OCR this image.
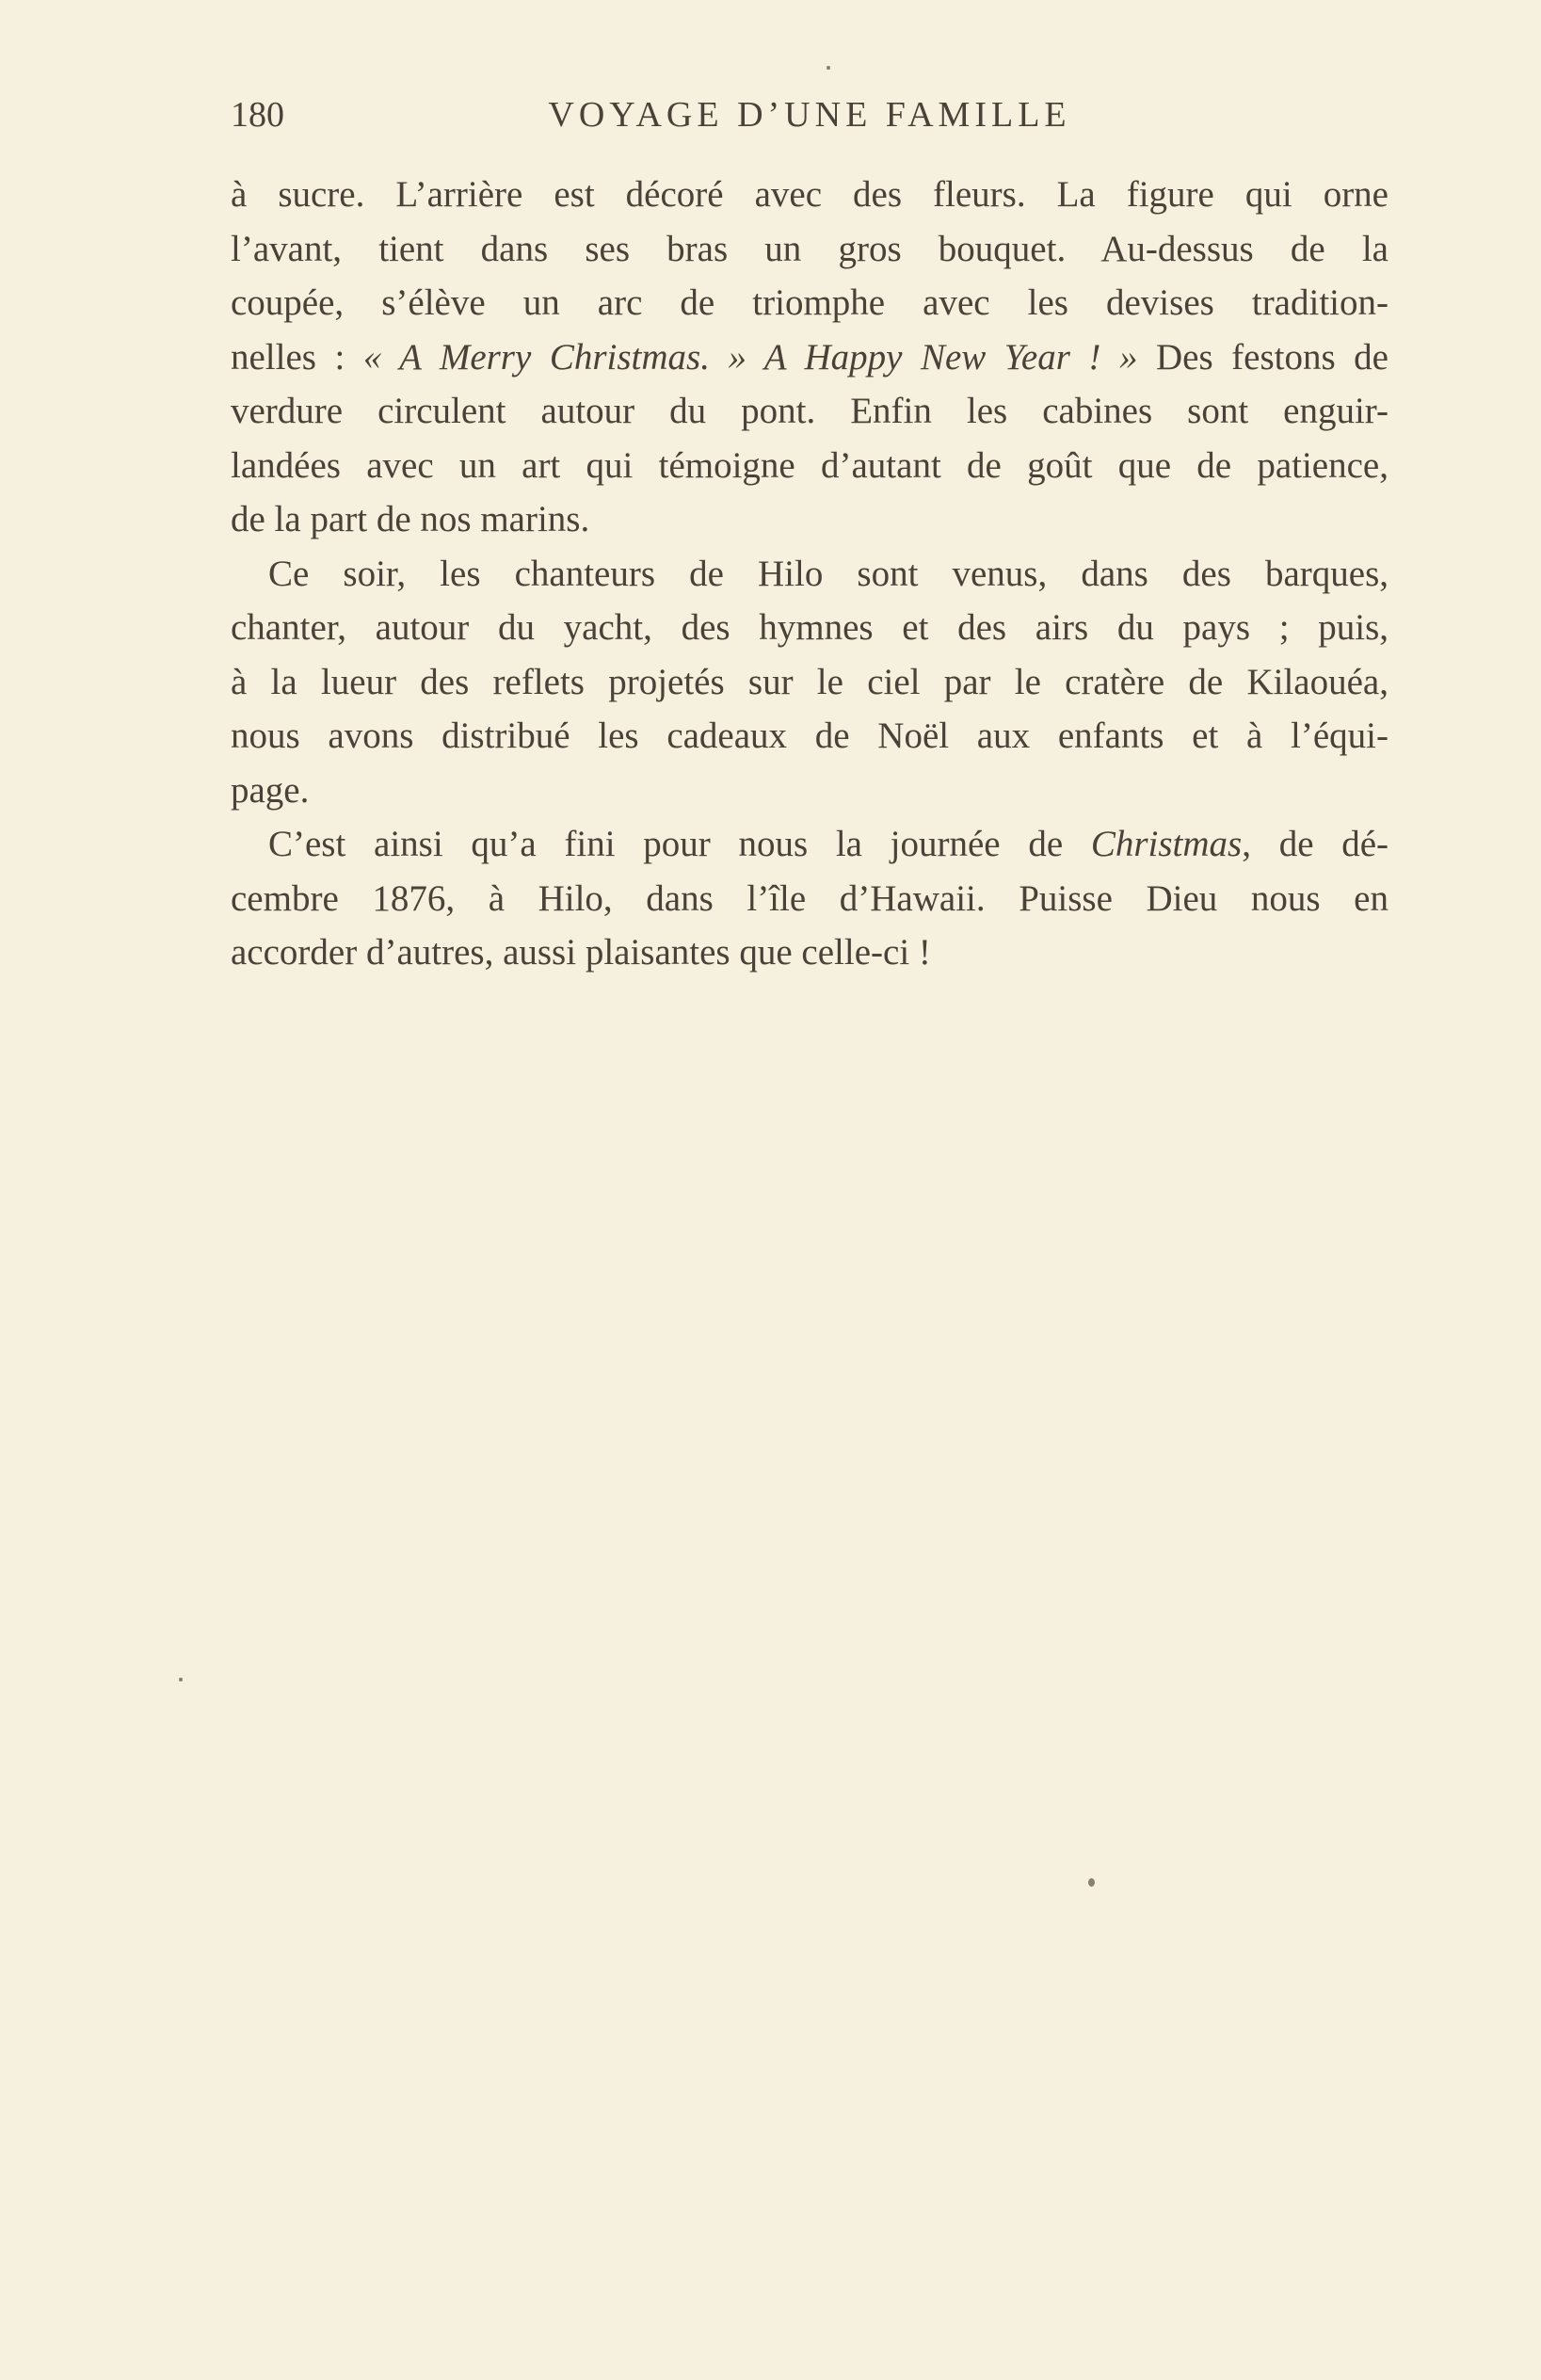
180	VOYAGE D’UNE FAMILLE
à sucre. L’arrière est décoré avec des fleurs. La figure qui orne
l’avant, tient dans ses bras un gros bouquet. Au-dessus de la
coupée, s’élève un arc de triomphe avec les devises tradition-
nelles : « A Merry Christmas. » A Happy New Year ! » Des festons de
verdure circulent autour du pont. Enfin les cabines sont enguir-
landées avec un art qui témoigne d’autant de goût que de patience,
de la part de nos marins.
Ce soir, les chanteurs de Hilo sont venus, dans des barques,
chanter, autour du yacht, des hymnes et des airs du pays ; puis,
à la lueur des reflets projetés sur le ciel par le cratère de Kilaouéa,
nous avons distribué les cadeaux de Noël aux enfants et à l’équi-
page.
C’est ainsi qu’a fini pour nous la journée de Christmas, de dé-
cembre 1876, à Hilo, dans l’île d’Hawaii. Puisse Dieu nous en
accorder d’autres, aussi plaisantes que celle-ci !
